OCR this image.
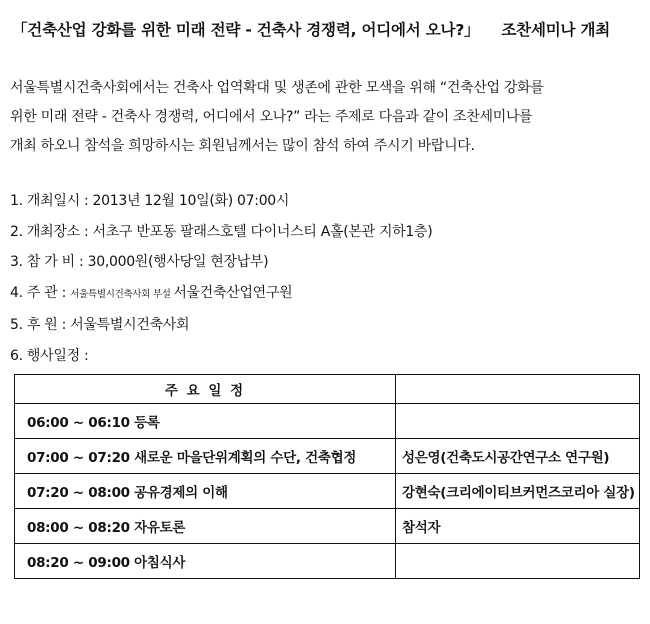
「건축산업 강화를 위한 미래 전략 - 건축사 경쟁력, 어디에서 오나?」 조찬세미나 개최
서울특별시건축사회에서는 건축사 업역확대 및 생존에 관한 모색을 위해 “건축산업 강화를
위한 미래 전략 - 건축사 경쟁력, 어디에서 오나?” 라는 주제로 다음과 같이 조찬세미나를
개최 하오니 참석을 희망하시는 회원님께서는 많이 참석 하여 주시기 바랍니다.
1. 개최일시 : 2013년 12월 10일(화) 07:00시
2. 개최장소 : 서초구 반포동 팔래스호텔 다이너스티 A홀(본관 지하1층)
3. 참 가 비 : 30,000원(행사당일 현장납부)
4. 주 관 : 서울특별시건축사회 부설 서울건축산업연구원
5. 후 원 : 서울특별시건축사회
6. 행사일정 :
주 요 일 정	
06:00 ~ 06:10 등록	
07:00 ~ 07:20 새로운 마을단위계획의 수단, 건축협정	성은영(건축도시공간연구소 연구원)
07:20 ~ 08:00 공유경제의 이해	강현숙(크리에이티브커먼즈코리아 실장)
08:00 ~ 08:20 자유토론	참석자
08:20 ~ 09:00 아침식사	
